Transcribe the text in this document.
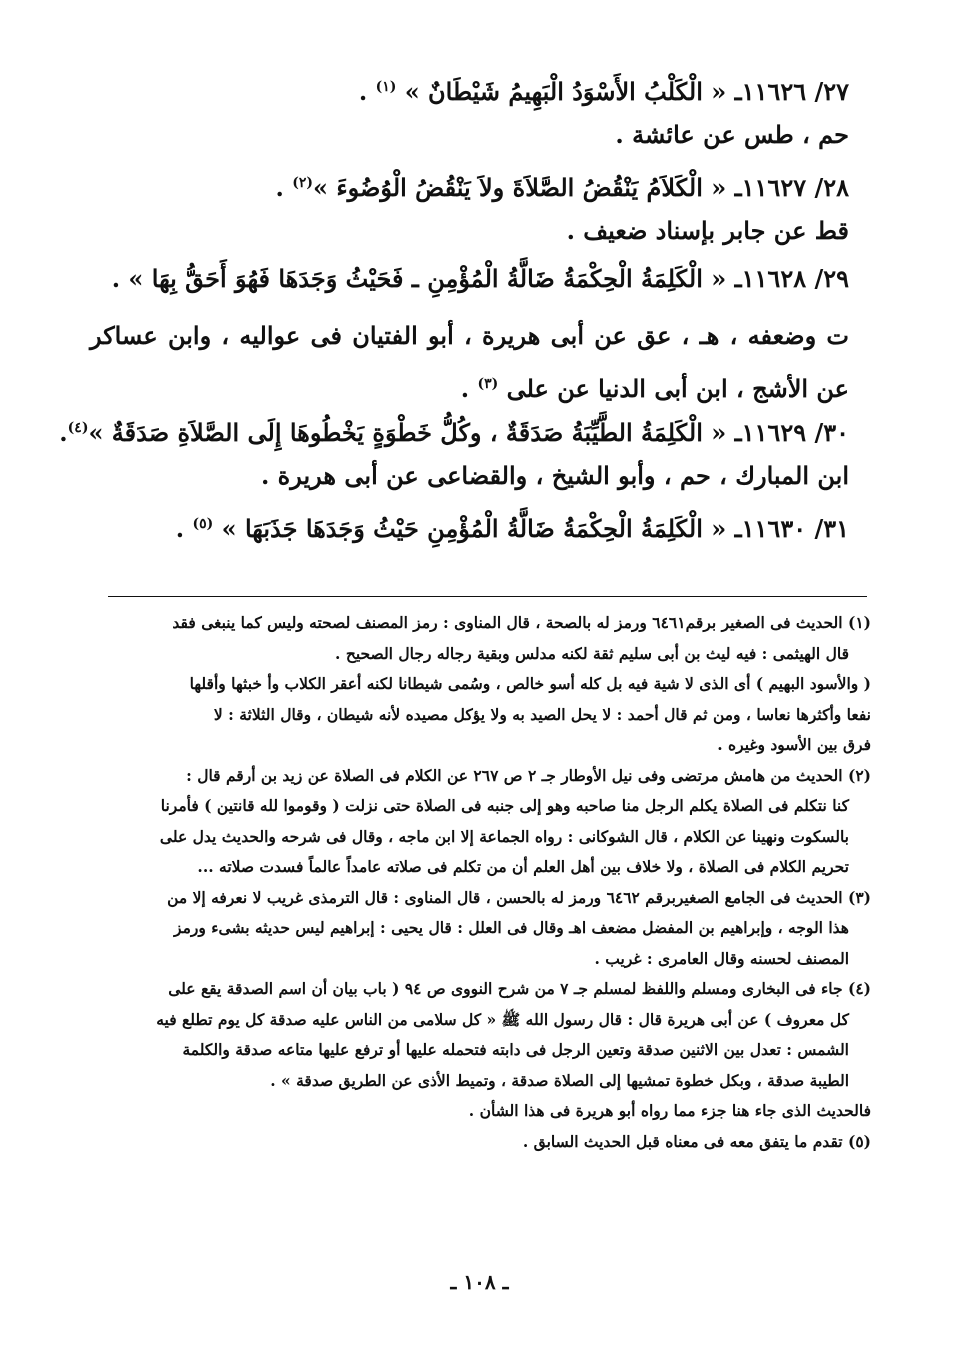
٢٧/ ١١٦٢٦ـ « الْكَلْبُ الأَسْوَدُ الْبَهِيمُ شَيْطَانٌ » $^{(١)}$ .
حم ، طس عن عائشة .
٢٨/ ١١٦٢٧ـ « الْكَلاَمُ يَنْقُضُ الصَّلاَةَ ولاَ يَنْقُضُ الْوُضُوءَ »$^{(٢)}$ .
قط عن جابر بإسناد ضعيف .
٢٩/ ١١٦٢٨ـ « الْكَلِمَةُ الْحِكْمَةُ ضَالَّةُ الْمُؤْمِنِ ـ فَحَيْثُ وَجَدَهَا فَهُوَ أَحَقُّ بِهَا » .
ت وضعفه ، هـ ، عق عن أبى هريرة ، أبو الفتيان فى عواليه ، وابن عساكر عن الأشج ، ابن أبى الدنيا عن على $^{(٣)}$ .
٣٠/ ١١٦٢٩ـ « الْكَلِمَةُ الطَّيِّبَةُ صَدَقَةٌ ، وكُلُّ خَطْوَةٍ يَخْطُوهَا إِلَى الصَّلاَةِ صَدَقَةٌ »$^{(٤)}$.
ابن المبارك ، حم ، وأبو الشيخ ، والقضاعى عن أبى هريرة .
٣١/ ١١٦٣٠ـ « الْكَلِمَةُ الْحِكْمَةُ ضَالَّةُ الْمُؤْمِنِ حَيْثُ وَجَدَهَا جَذَبَهَا » $^{(٥)}$ .

(١) الحديث فى الصغير برقم٦٤٦١ ورمز له بالصحة ، قال المناوى : رمز المصنف لصحته وليس كما ينبغى فقد

قال الهيثمى : فيه ليث بن أبى سليم ثقة لكنه مدلس وبقية رجاله رجال الصحيح .

( والأسود البهيم ) أى الذى لا شية فيه بل كله أسو خالص ، وسُمى شيطانا لكنه أعقر الكلاب وأ خبثها وأقلها

نفعا وأكثرها نعاسا ، ومن ثم قال أحمد : لا يحل الصيد به ولا يؤكل مصيده لأنه شيطان ، وقال الثلاثة : لا

فرق بين الأسود وغيره .

(٢) الحديث من هامش مرتضى وفى نيل الأوطار جـ ٢ ص ٢٦٧ عن الكلام فى الصلاة عن زيد بن أرقم قال :

كنا نتكلم فى الصلاة يكلم الرجل منا صاحبه وهو إلى جنبه فى الصلاة حتى نزلت ( وقوموا لله قانتين ) فأمرنا

بالسكوت ونهينا عن الكلام ، قال الشوكانى : رواه الجماعة إلا ابن ماجه ، وقال فى شرحه والحديث يدل على

تحريم الكلام فى الصلاة ، ولا خلاف بين أهل العلم أن من تكلم فى صلاته عامداً عالماً فسدت صلاته ...

(٣) الحديث فى الجامع الصغيربرقم ٦٤٦٢ ورمز له بالحسن ، قال المناوى : قال الترمذى غريب لا نعرفه إلا من

هذا الوجه ، وإبراهيم بن المفضل مضعف اهـ وقال فى العلل : قال يحيى : إبراهيم ليس حديثه بشىء ورمز

المصنف لحسنه وقال العامرى : غريب .

(٤) جاء فى البخارى ومسلم واللفظ لمسلم جـ ٧ من شرح النووى ص ٩٤ ( باب بيان أن اسم الصدقة يقع على

كل معروف ) عن أبى هريرة قال : قال رسول الله ﷺ « كل سلامى من الناس عليه صدقة كل يوم تطلع فيه

الشمس : تعدل بين الاثنين صدقة وتعين الرجل فى دابته فتحمله عليها أو ترفع عليها متاعه صدقة والكلمة

الطيبة صدقة ، وبكل خطوة تمشيها إلى الصلاة صدقة ، وتميط الأذى عن الطريق صدقة » .

فالحديث الذى جاء هنا جزء مما رواه أبو هريرة فى هذا الشأن .

(٥) تقدم ما يتفق معه فى معناه قبل الحديث السابق .

ـ ١٠٨ ـ
